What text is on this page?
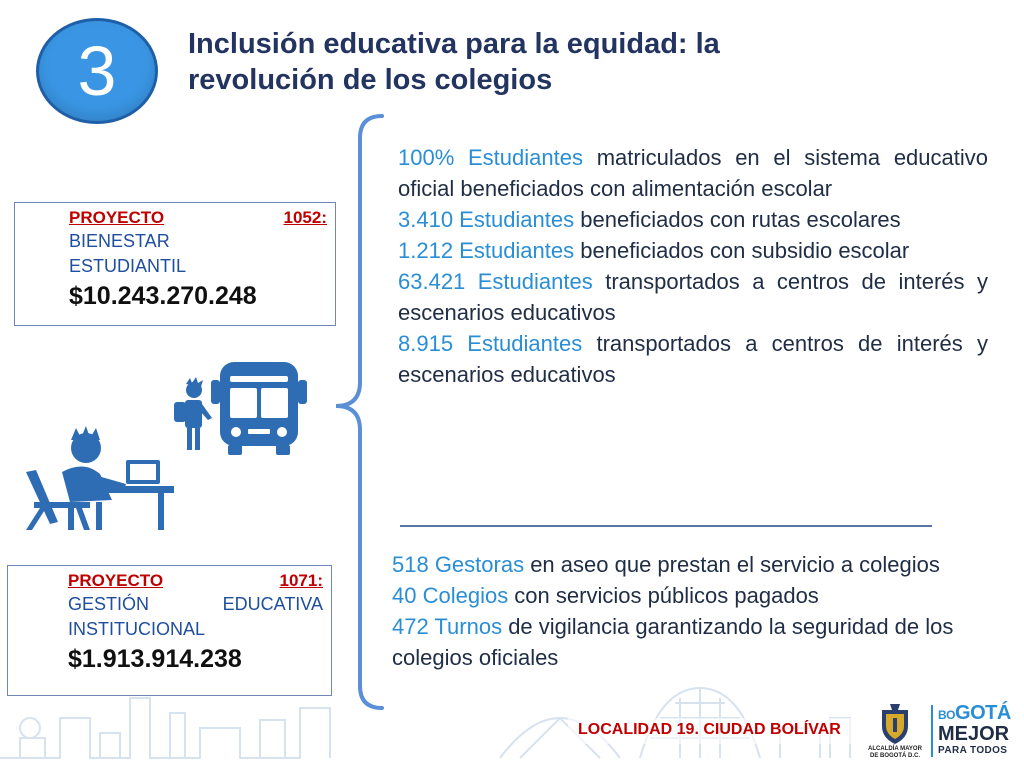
3 Inclusión educativa para la equidad: la revolución de los colegios
PROYECTO	1052:
BIENESTAR
ESTUDIANTIL
$10.243.270.248
PROYECTO	1071:
GESTIÓN	EDUCATIVA
INSTITUCIONAL
$1.913.914.238

100% Estudiantes matriculados en el sistema educativo oficial beneficiados con alimentación escolar

3.410 Estudiantes beneficiados con rutas escolares

1.212 Estudiantes beneficiados con subsidio escolar

63.421 Estudiantes transportados a centros de interés y escenarios educativos

8.915 Estudiantes transportados a centros de interés y escenarios educativos

518 Gestoras en aseo que prestan el servicio a colegios

40 Colegios con servicios públicos pagados

472 Turnos de vigilancia garantizando la seguridad de los colegios oficiales

LOCALIDAD 19. CIUDAD BOLÍVAR
ALCALDÍA MAYOR
DE BOGOTÁ D.C.
BOGOTÁ
MEJOR
PARA TODOS
